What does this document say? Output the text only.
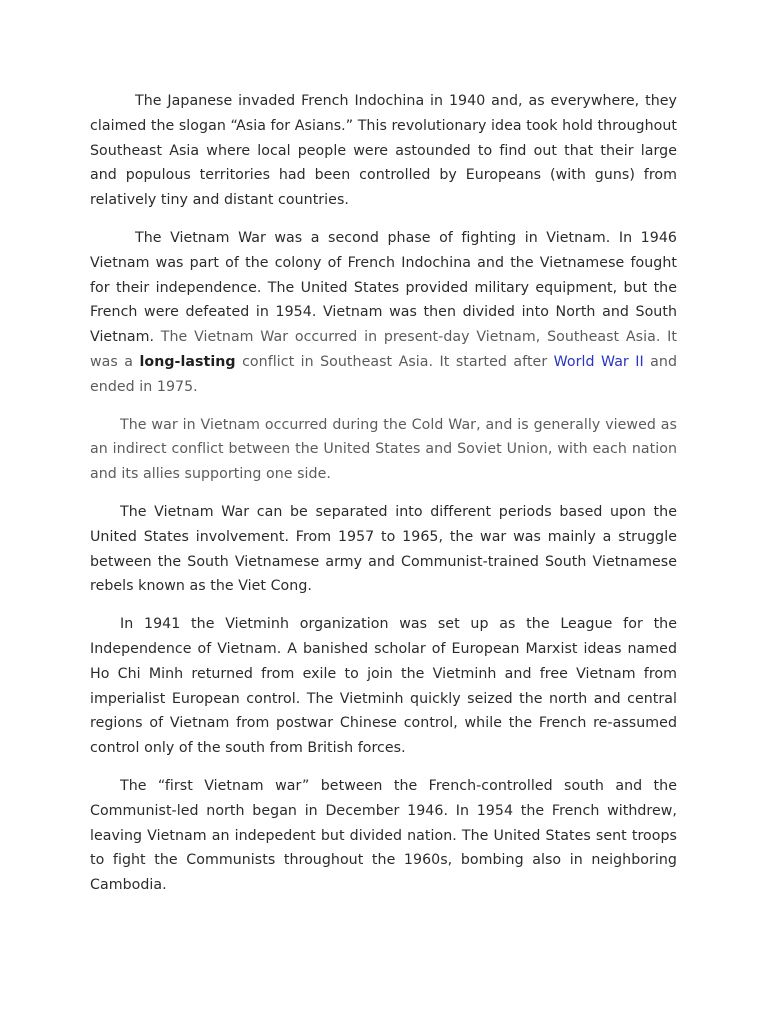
The Japanese invaded French Indochina in 1940 and, as everywhere, they claimed the slogan “Asia for Asians.” This revolutionary idea took hold throughout Southeast Asia where local people were astounded to find out that their large and populous territories had been controlled by Europeans (with guns) from relatively tiny and distant countries.

The Vietnam War was a second phase of fighting in Vietnam. In 1946 Vietnam was part of the colony of French Indochina and the Vietnamese fought for their independence. The United States provided military equipment, but the French were defeated in 1954. Vietnam was then divided into North and South Vietnam. The Vietnam War occurred in present-day Vietnam, Southeast Asia. It was a long-lasting conflict in Southeast Asia. It started after World War II and ended in 1975.

The war in Vietnam occurred during the Cold War, and is generally viewed as an indirect conflict between the United States and Soviet Union, with each nation and its allies supporting one side.

The Vietnam War can be separated into different periods based upon the United States involvement. From 1957 to 1965, the war was mainly a struggle between the South Vietnamese army and Communist-trained South Vietnamese rebels known as the Viet Cong.

In 1941 the Vietminh organization was set up as the League for the Independence of Vietnam. A banished scholar of European Marxist ideas named Ho Chi Minh returned from exile to join the Vietminh and free Vietnam from imperialist European control. The Vietminh quickly seized the north and central regions of Vietnam from postwar Chinese control, while the French re-assumed control only of the south from British forces.

The “first Vietnam war” between the French-controlled south and the Communist-led north began in December 1946. In 1954 the French withdrew, leaving Vietnam an indepedent but divided nation. The United States sent troops to fight the Communists throughout the 1960s, bombing also in neighboring Cambodia.
